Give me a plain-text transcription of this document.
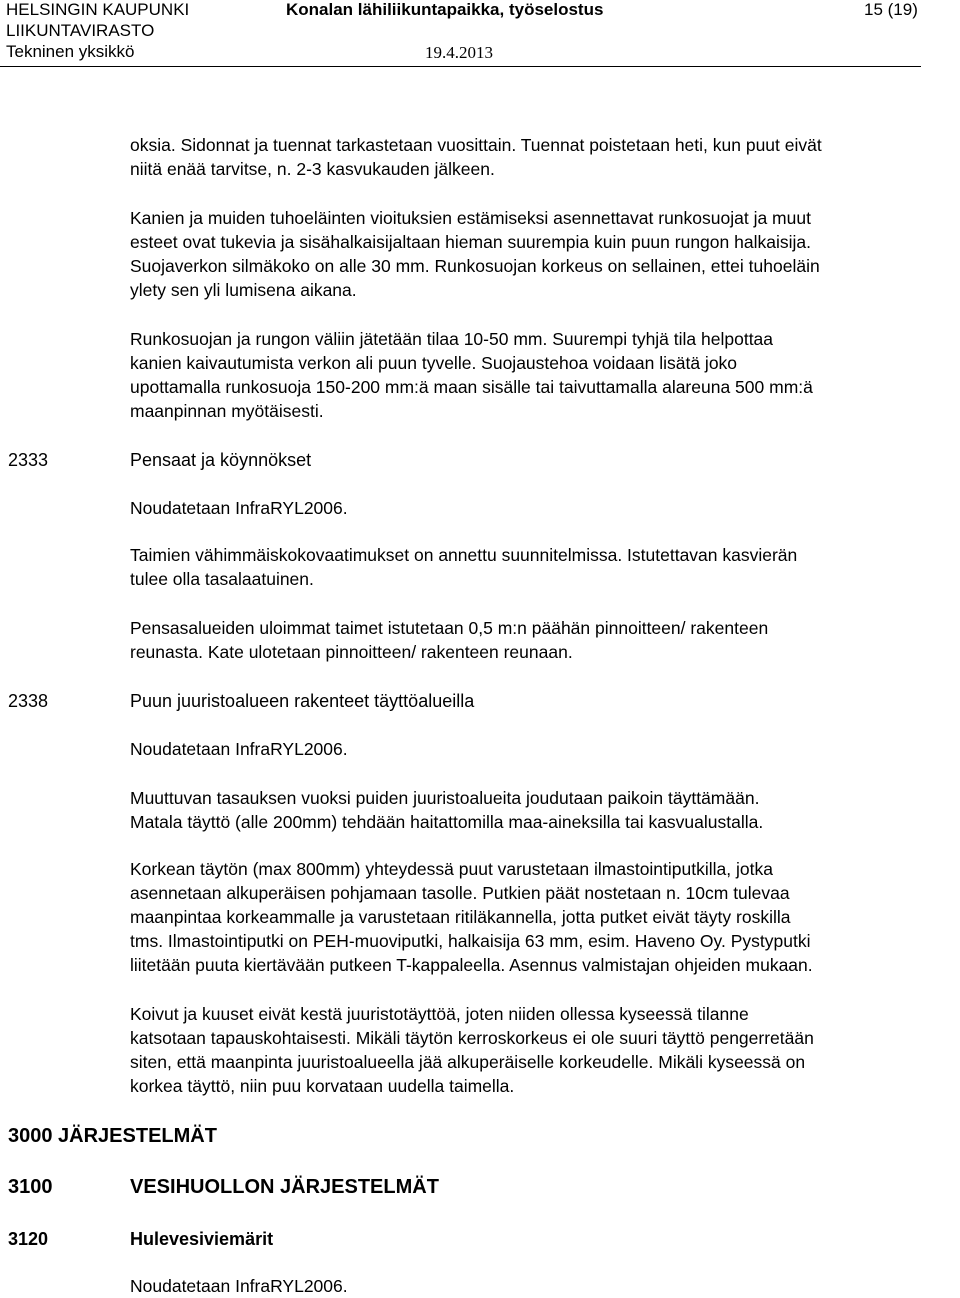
HELSINGIN KAUPUNKI
LIIKUNTAVIRASTO
Tekninen yksikkö
Konalan lähiliikuntapaikka, työselostus	15 (19)
19.4.2013
oksia. Sidonnat ja tuennat tarkastetaan vuosittain. Tuennat poistetaan heti, kun puut eivät
niitä enää tarvitse, n. 2-3 kasvukauden jälkeen.
Kanien ja muiden tuhoeläinten vioituksien estämiseksi asennettavat runkosuojat ja muut
esteet ovat tukevia ja sisähalkaisijaltaan hieman suurempia kuin puun rungon halkaisija.
Suojaverkon silmäkoko on alle 30 mm. Runkosuojan korkeus on sellainen, ettei tuhoeläin
ylety sen yli lumisena aikana.
Runkosuojan ja rungon väliin jätetään tilaa 10-50 mm. Suurempi tyhjä tila helpottaa
kanien kaivautumista verkon ali puun tyvelle. Suojaustehoa voidaan lisätä joko
upottamalla runkosuoja 150-200 mm:ä maan sisälle tai taivuttamalla alareuna 500 mm:ä
maanpinnan myötäisesti.
2333	Pensaat ja köynnökset
Noudatetaan InfraRYL2006.
Taimien vähimmäiskokovaatimukset on annettu suunnitelmissa. Istutettavan kasvierän
tulee olla tasalaatuinen.
Pensasalueiden uloimmat taimet istutetaan 0,5 m:n päähän pinnoitteen/ rakenteen
reunasta. Kate ulotetaan pinnoitteen/ rakenteen reunaan.
2338	Puun juuristoalueen rakenteet täyttöalueilla
Noudatetaan InfraRYL2006.
Muuttuvan tasauksen vuoksi puiden juuristoalueita joudutaan paikoin täyttämään.
Matala täyttö (alle 200mm) tehdään haitattomilla maa-aineksilla tai kasvualustalla.
Korkean täytön (max 800mm) yhteydessä puut varustetaan ilmastointiputkilla, jotka
asennetaan alkuperäisen pohjamaan tasolle. Putkien päät nostetaan n. 10cm tulevaa
maanpintaa korkeammalle ja varustetaan ritiläkannella, jotta putket eivät täyty roskilla
tms. Ilmastointiputki on PEH-muoviputki, halkaisija 63 mm, esim. Haveno Oy. Pystyputki
liitetään puuta kiertävään putkeen T-kappaleella. Asennus valmistajan ohjeiden mukaan.
Koivut ja kuuset eivät kestä juuristotäyttöä, joten niiden ollessa kyseessä tilanne
katsotaan tapauskohtaisesti. Mikäli täytön kerroskorkeus ei ole suuri täyttö pengerretään
siten, että maanpinta juuristoalueella jää alkuperäiselle korkeudelle. Mikäli kyseessä on
korkea täyttö, niin puu korvataan uudella taimella.
3000 JÄRJESTELMÄT
3100	VESIHUOLLON JÄRJESTELMÄT
3120	Hulevesiviemärit
Noudatetaan InfraRYL2006.
